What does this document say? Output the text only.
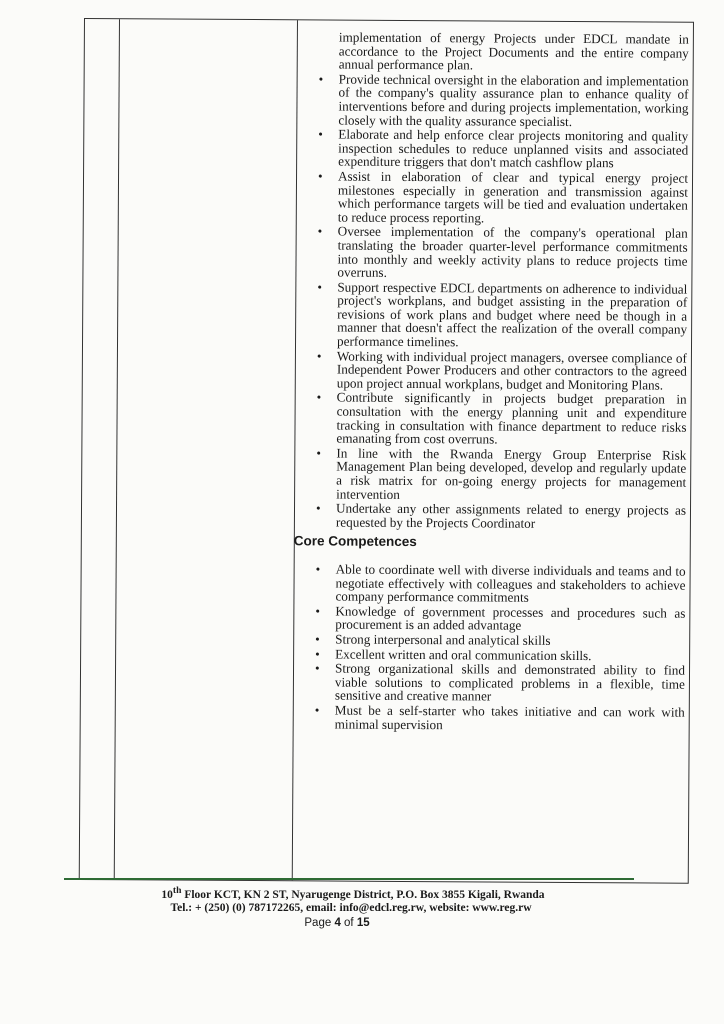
implementation of energy Projects under EDCL mandate in accordance to the Project Documents and the entire company annual performance plan.
• Provide technical oversight in the elaboration and implementation of the company's quality assurance plan to enhance quality of interventions before and during projects implementation, working closely with the quality assurance specialist.
• Elaborate and help enforce clear projects monitoring and quality inspection schedules to reduce unplanned visits and associated expenditure triggers that don't match cashflow plans
• Assist in elaboration of clear and typical energy project milestones especially in generation and transmission against which performance targets will be tied and evaluation undertaken to reduce process reporting.
• Oversee implementation of the company's operational plan translating the broader quarter-level performance commitments into monthly and weekly activity plans to reduce projects time overruns.
• Support respective EDCL departments on adherence to individual project's workplans, and budget assisting in the preparation of revisions of work plans and budget where need be though in a manner that doesn't affect the realization of the overall company performance timelines.
• Working with individual project managers, oversee compliance of Independent Power Producers and other contractors to the agreed upon project annual workplans, budget and Monitoring Plans.
• Contribute significantly in projects budget preparation in consultation with the energy planning unit and expenditure tracking in consultation with finance department to reduce risks emanating from cost overruns.
• In line with the Rwanda Energy Group Enterprise Risk Management Plan being developed, develop and regularly update a risk matrix for on-going energy projects for management intervention
• Undertake any other assignments related to energy projects as requested by the Projects Coordinator
Core Competences
• Able to coordinate well with diverse individuals and teams and to negotiate effectively with colleagues and stakeholders to achieve company performance commitments
• Knowledge of government processes and procedures such as procurement is an added advantage
• Strong interpersonal and analytical skills
• Excellent written and oral communication skills.
• Strong organizational skills and demonstrated ability to find viable solutions to complicated problems in a flexible, time sensitive and creative manner
• Must be a self-starter who takes initiative and can work with minimal supervision
10th Floor KCT, KN 2 ST, Nyarugenge District, P.O. Box 3855 Kigali, Rwanda
Tel.: + (250) (0) 787172265, email: info@edcl.reg.rw, website: www.reg.rw
Page 4 of 15
